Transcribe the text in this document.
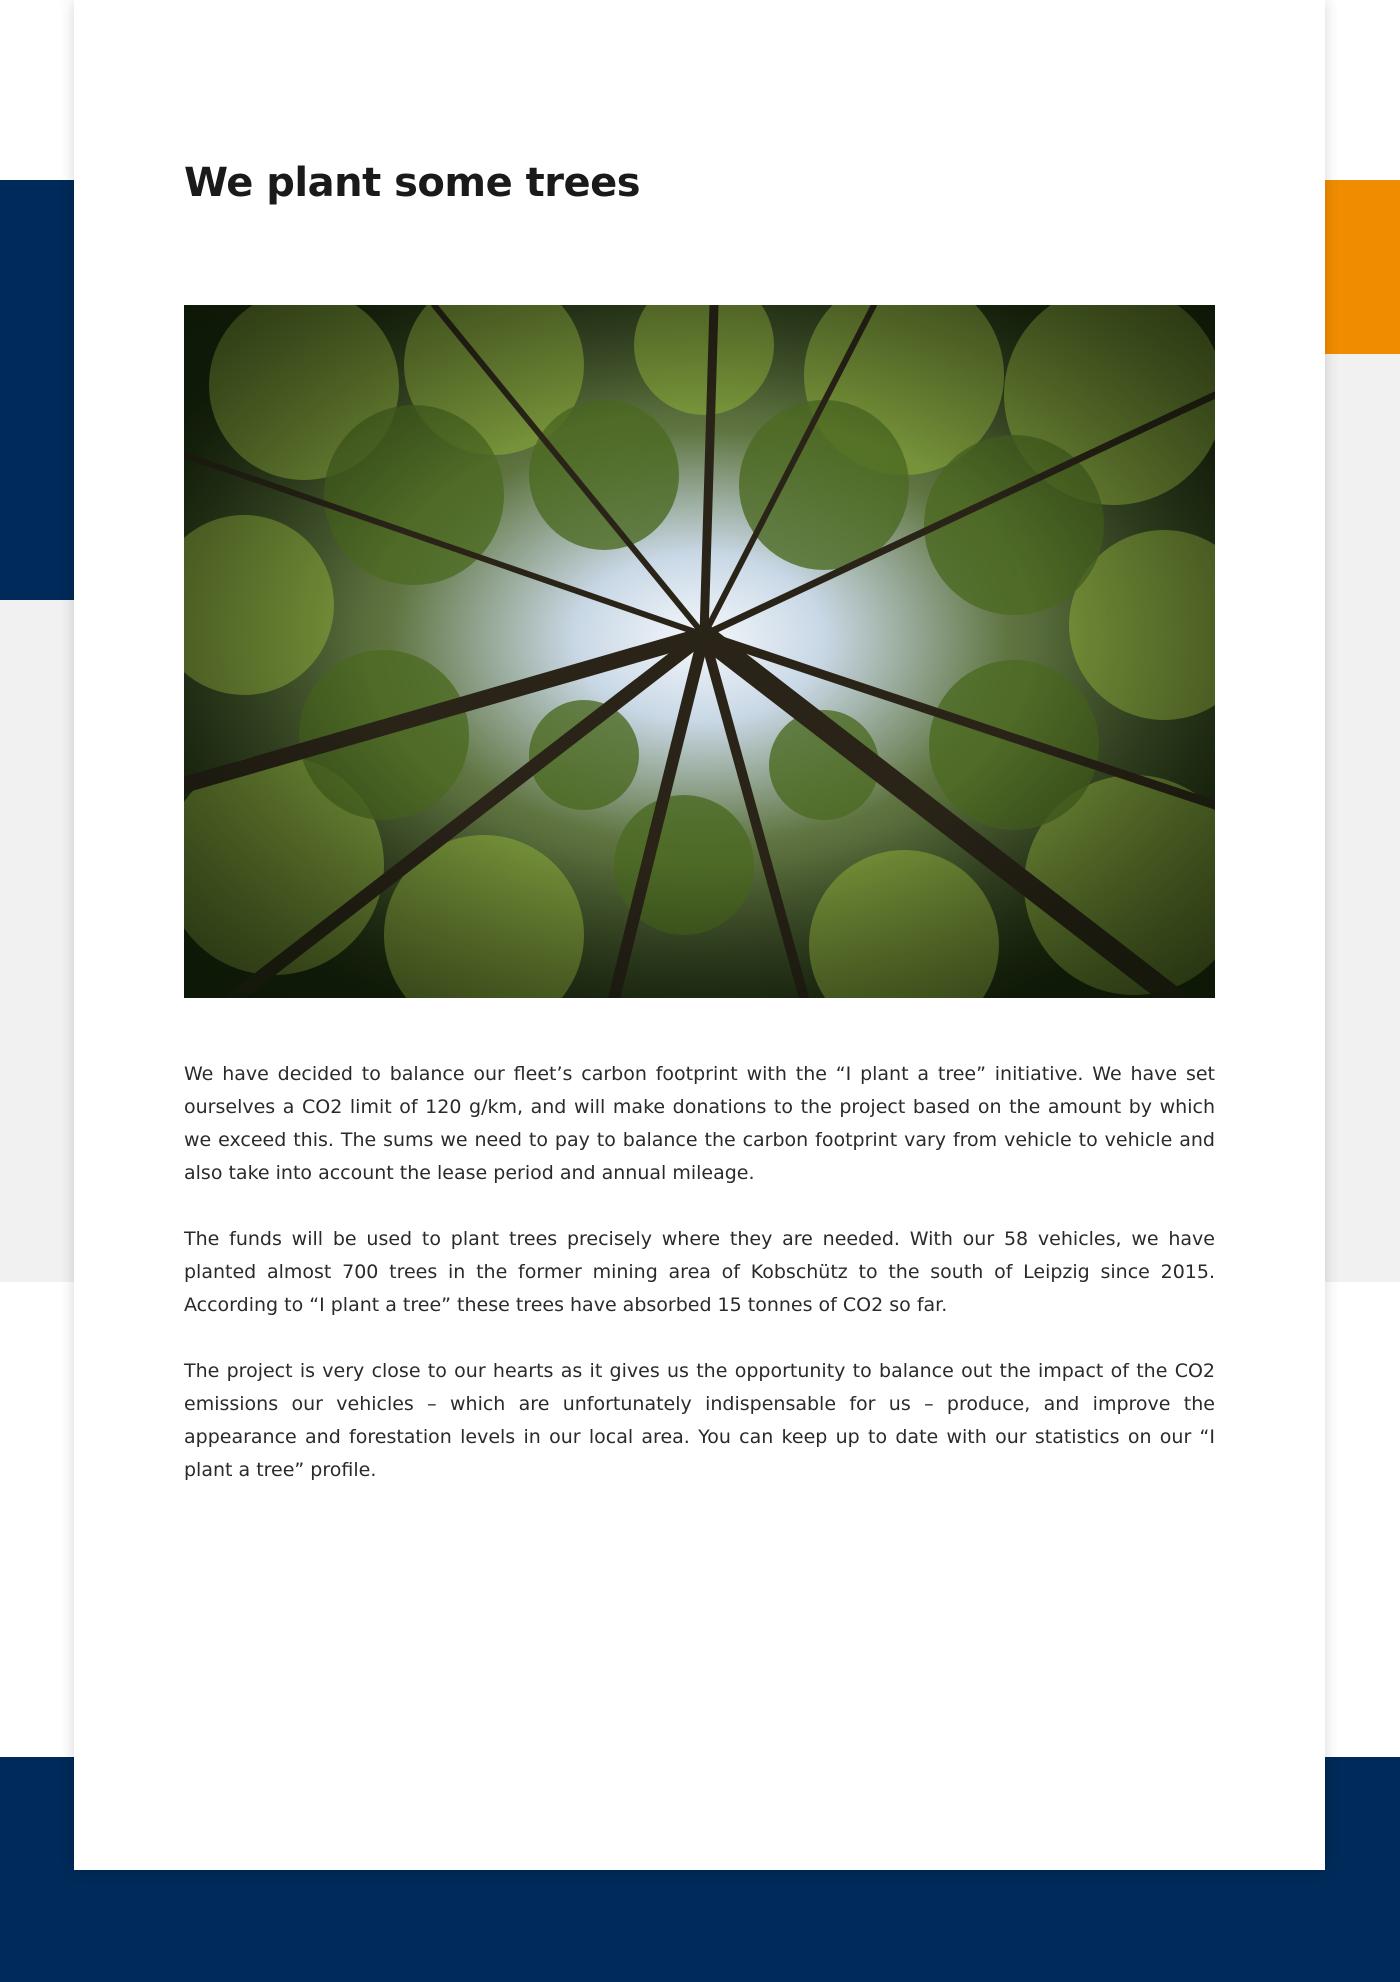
We plant some trees

We have decided to balance our fleet’s carbon footprint with the “I plant a tree” initiative. We have set ourselves a CO2 limit of 120 g/km, and will make donations to the project based on the amount by which we exceed this. The sums we need to pay to balance the carbon footprint vary from vehicle to vehicle and also take into account the lease period and annual mileage.

The funds will be used to plant trees precisely where they are needed. With our 58 vehicles, we have planted almost 700 trees in the former mining area of Kobschütz to the south of Leipzig since 2015. According to “I plant a tree” these trees have absorbed 15 tonnes of CO2 so far.

The project is very close to our hearts as it gives us the opportunity to balance out the impact of the CO2 emissions our vehicles – which are unfortunately indispensable for us – produce, and improve the appearance and forestation levels in our local area. You can keep up to date with our statistics on our “I plant a tree” profile.
